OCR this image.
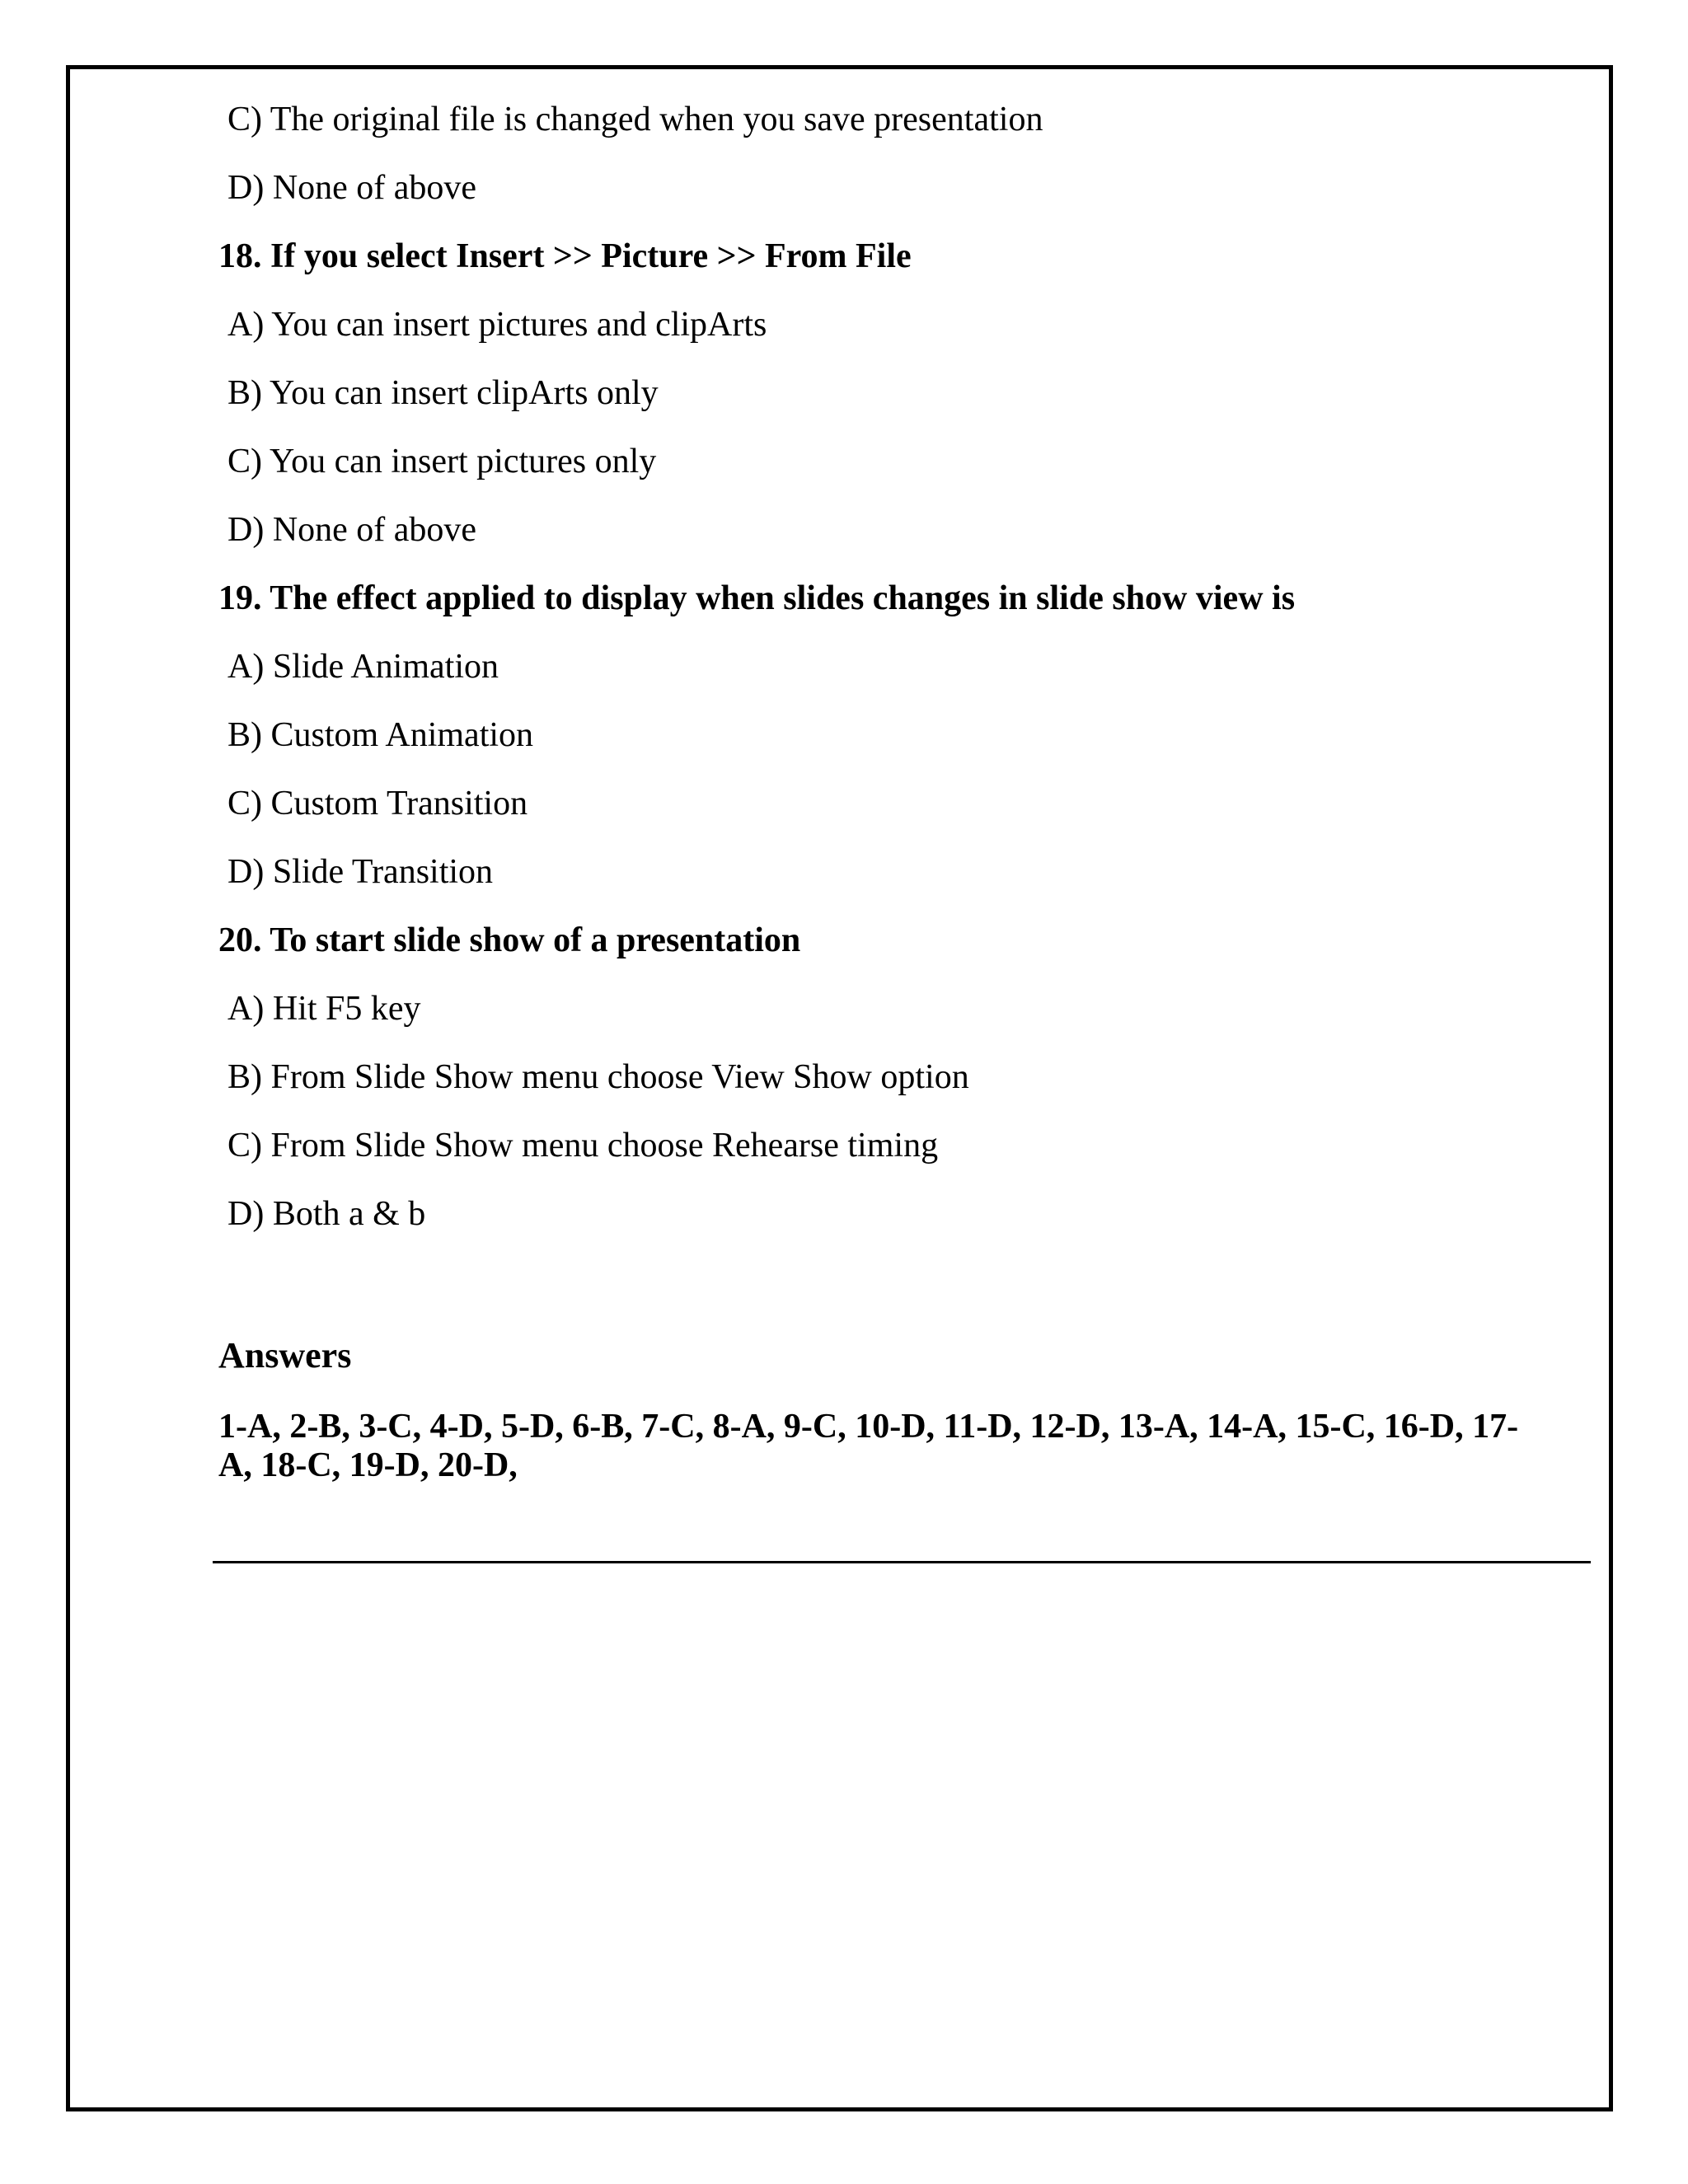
C) The original file is changed when you save presentation
D) None of above
18. If you select Insert >> Picture >> From File
A) You can insert pictures and clipArts
B) You can insert clipArts only
C) You can insert pictures only
D) None of above
19. The effect applied to display when slides changes in slide show view is
A) Slide Animation
B) Custom Animation
C) Custom Transition
D) Slide Transition
20. To start slide show of a presentation
A) Hit F5 key
B) From Slide Show menu choose View Show option
C) From Slide Show menu choose Rehearse timing
D) Both a & b
Answers
1-A, 2-B, 3-C, 4-D, 5-D, 6-B, 7-C, 8-A, 9-C, 10-D, 11-D, 12-D, 13-A, 14-A, 15-C, 16-D, 17-
A, 18-C, 19-D, 20-D,
